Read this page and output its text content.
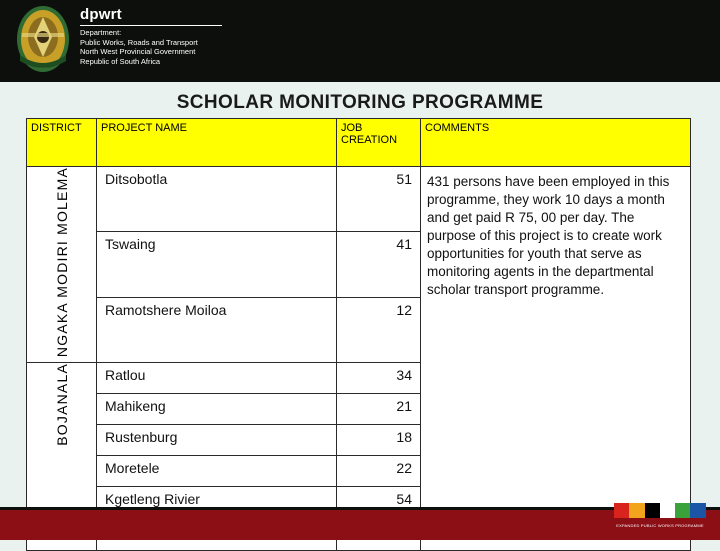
dpwrt
Department:
Public Works, Roads and Transport
North West Provincial Government
Republic of South Africa
SCHOLAR MONITORING PROGRAMME
DISTRICT	PROJECT NAME	JOB CREATION	COMMENTS
NGAKA MODIRI MOLEMA	Ditsobotla	51	431 persons have been employed in this programme, they work 10 days a month and get paid R 75, 00 per day. The purpose of this project is to create work opportunities for youth that serve as monitoring agents in the departmental scholar transport programme.
	Tswaing	41	
	Ramotshere Moiloa	12	
BOJANALA	Ratlou	34	
	Mahikeng	21	
	Rustenburg	18	
	Moretele	22	
	Kgetleng Rivier	54	

EXPANDED PUBLIC WORKS PROGRAMME
